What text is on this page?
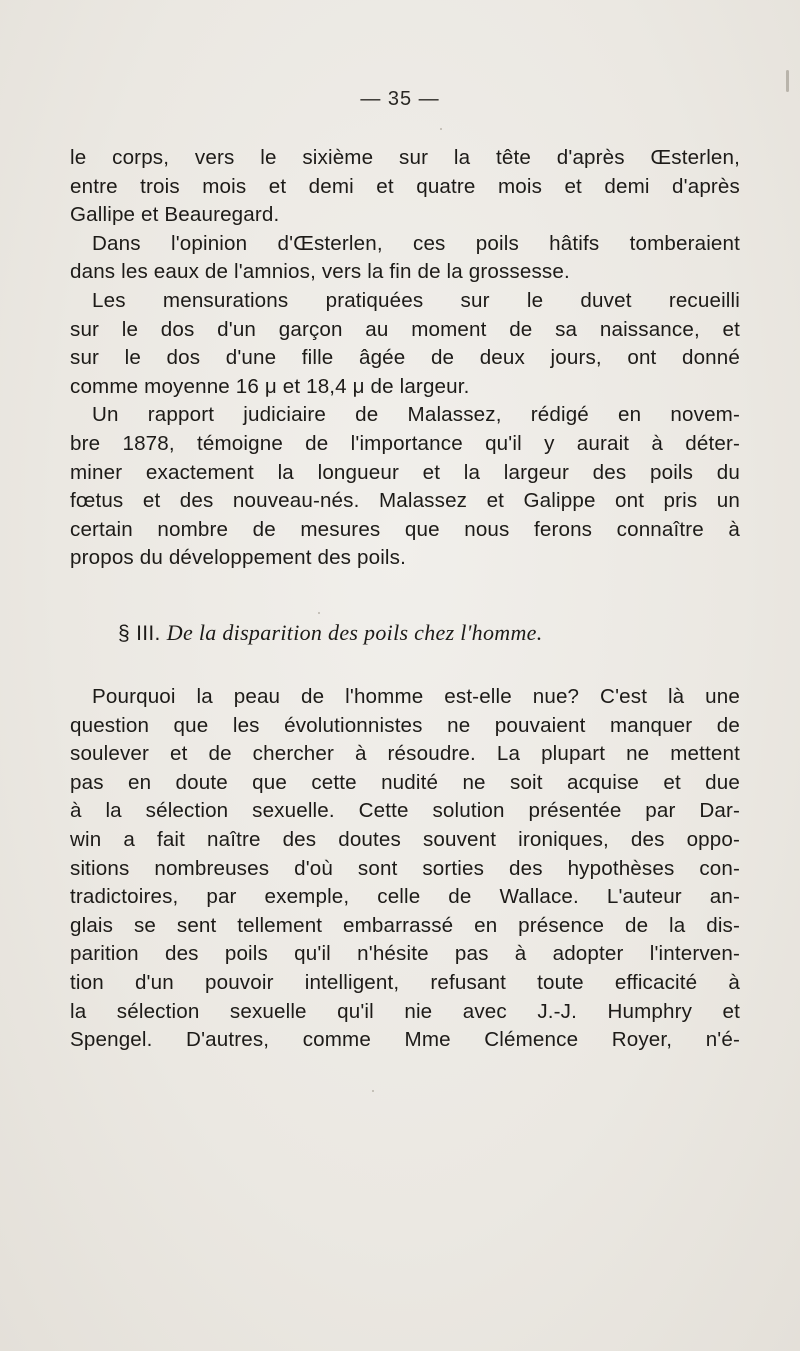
— 35 —
le corps, vers le sixième sur la tête d'après Œsterlen,
entre trois mois et demi et quatre mois et demi d'après
Gallipe et Beauregard.
Dans l'opinion d'Œsterlen, ces poils hâtifs tomberaient
dans les eaux de l'amnios, vers la fin de la grossesse.
Les mensurations pratiquées sur le duvet recueilli
sur le dos d'un garçon au moment de sa naissance, et
sur le dos d'une fille âgée de deux jours, ont donné
comme moyenne 16 μ et 18,4 μ de largeur.
Un rapport judiciaire de Malassez, rédigé en novem-
bre 1878, témoigne de l'importance qu'il y aurait à déter-
miner exactement la longueur et la largeur des poils du
fœtus et des nouveau-nés. Malassez et Galippe ont pris un
certain nombre de mesures que nous ferons connaître à
propos du développement des poils.
§ III. De la disparition des poils chez l'homme.
Pourquoi la peau de l'homme est-elle nue? C'est là une
question que les évolutionnistes ne pouvaient manquer de
soulever et de chercher à résoudre. La plupart ne mettent
pas en doute que cette nudité ne soit acquise et due
à la sélection sexuelle. Cette solution présentée par Dar-
win a fait naître des doutes souvent ironiques, des oppo-
sitions nombreuses d'où sont sorties des hypothèses con-
tradictoires, par exemple, celle de Wallace. L'auteur an-
glais se sent tellement embarrassé en présence de la dis-
parition des poils qu'il n'hésite pas à adopter l'interven-
tion d'un pouvoir intelligent, refusant toute efficacité à
la sélection sexuelle qu'il nie avec J.-J. Humphry et
Spengel. D'autres, comme Mme Clémence Royer, n'é-
